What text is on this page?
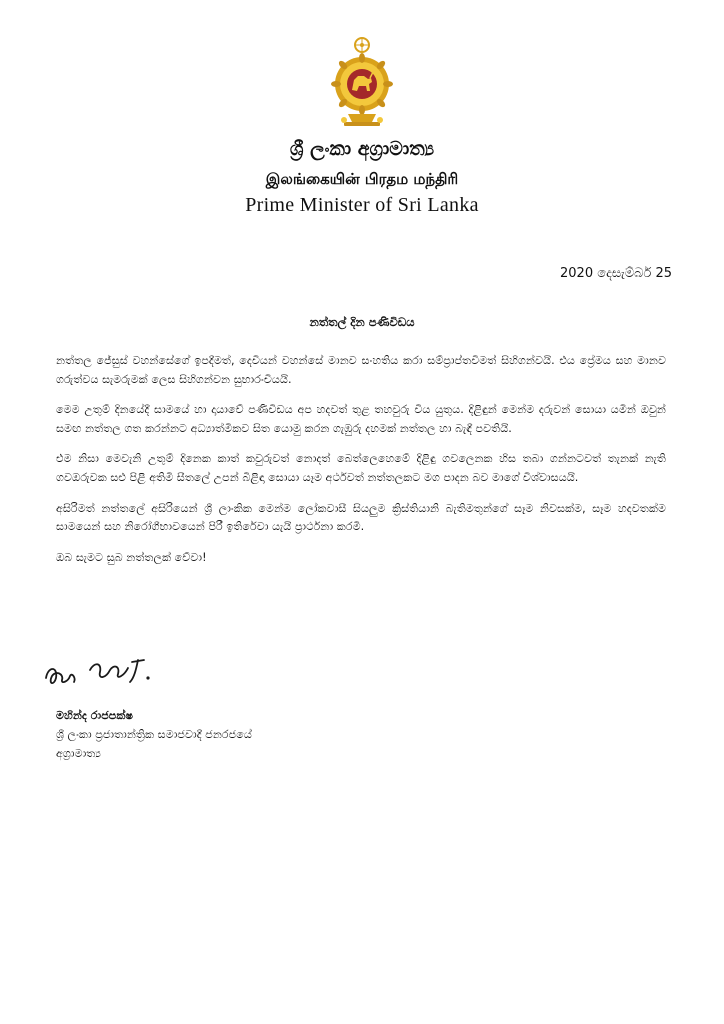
ශ්‍රී ලංකා අග්‍රාමාත්‍ය
இலங்கையின் பிரதம மந்திரி
Prime Minister of Sri Lanka
2020 දෙසැම්බර් 25
නත්තල් දින පණිවිඩය

නත්තල ජේසුස් වහන්සේගේ ඉපදීමත්, දෙවියන් වහන්සේ මානව සංහතිය කරා සම්ප්‍රාප්තවීමත් සිහිගන්වයි. එය ප්‍රේමය සහ මානව ගරුත්වය සැමරුමක් ලෙස සිහිගන්වන සුභාරංචියයි.

මෙම උතුම් දිනයේදී සාමයේ හා දායාවේ පණිවිඩය අප හදවත් තුළ තහවුරු විය යුතුය. දිළිඳුන් මෙන්ම දරුවන් සොයා යමින් ඔවුන් සමඟ නත්තල ගත කරන්නට අධ්‍යාත්මිකව සිත යොමු කරන ගැඹුරු දහමක් නත්තල හා බැඳී පවතියි.

එම නිසා මෙවැනි උතුම් දිනෙක කාත් කවුරුවත් නොදත් බෙත්ලෙහෙමේ දිළිඳු ගවලෙනක හිස තබා ගන්නටවත් තැනක් නැති ගවඔරුවක සළු පිළි අතිමි සීතලේ උපන් බිළිඳා සොයා යෑම අර්ථවත් නත්තලකට මග පාදන බව මාගේ විශ්වාසයයි.

අසිරිමත් නත්තලේ අසිරියෙන් ශ්‍රී ලාංකික මෙන්ම ලෝකවාසී සියලුම ක්‍රිස්තියානි බැතිමතුන්ගේ සෑම නිවසක්ම, සෑම හදවතක්ම සාමයෙන් සහ නිරෝගීභාවයෙන් පිරී ඉතිරේවා යැයි ප්‍රාර්ථනා කරමි.

ඔබ සැමට සුබ නත්තලක් වේවා!

මහින්ද රාජපක්ෂ
ශ්‍රී ලංකා ප්‍රජාතාන්ත්‍රික සමාජවාදී ජනරජයේ
අග්‍රාමාත්‍ය
